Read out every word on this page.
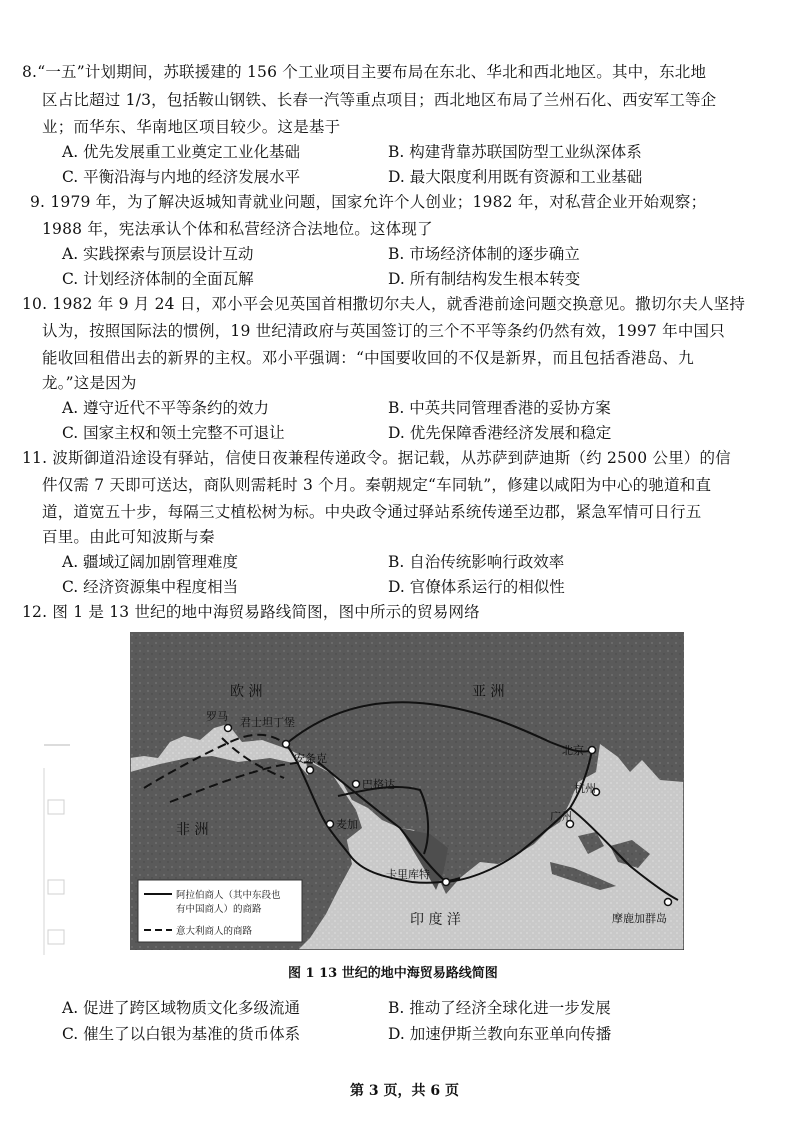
8.“一五”计划期间，苏联援建的 156 个工业项目主要布局在东北、华北和西北地区。其中，东北地
区占比超过 1/3，包括鞍山钢铁、长春一汽等重点项目；西北地区布局了兰州石化、西安军工等企
业；而华东、华南地区项目较少。这是基于
A. 优先发展重工业奠定工业化基础	B. 构建背靠苏联国防型工业纵深体系
C. 平衡沿海与内地的经济发展水平	D. 最大限度利用既有资源和工业基础
9. 1979 年，为了解决返城知青就业问题，国家允许个人创业；1982 年，对私营企业开始观察；
1988 年，宪法承认个体和私营经济合法地位。这体现了
A. 实践探索与顶层设计互动	B. 市场经济体制的逐步确立
C. 计划经济体制的全面瓦解	D. 所有制结构发生根本转变
10. 1982 年 9 月 24 日，邓小平会见英国首相撒切尔夫人，就香港前途问题交换意见。撒切尔夫人坚持
认为，按照国际法的惯例，19 世纪清政府与英国签订的三个不平等条约仍然有效，1997 年中国只
能收回租借出去的新界的主权。邓小平强调：“中国要收回的不仅是新界，而且包括香港岛、九
龙。”这是因为
A. 遵守近代不平等条约的效力	B. 中英共同管理香港的妥协方案
C. 国家主权和领土完整不可退让	D. 优先保障香港经济发展和稳定
11. 波斯御道沿途设有驿站，信使日夜兼程传递政令。据记载，从苏萨到萨迪斯（约 2500 公里）的信
件仅需 7 天即可送达，商队则需耗时 3 个月。秦朝规定“车同轨”，修建以咸阳为中心的驰道和直
道，道宽五十步，每隔三丈植松树为标。中央政令通过驿站系统传递至边郡，紧急军情可日行五
百里。由此可知波斯与秦
A. 疆域辽阔加剧管理难度	B. 自治传统影响行政效率
C. 经济资源集中程度相当	D. 官僚体系运行的相似性
12. 图 1 是 13 世纪的地中海贸易路线简图，图中所示的贸易网络
欧 洲	亚 洲
非 洲
印 度 洋
罗马 君士坦丁堡
安条克
巴格达
麦加
卡里库特
北京
杭州
广州
摩鹿加群岛
阿拉伯商人（其中东段也
有中国商人）的商路
意大利商人的商路
图 1 13 世纪的地中海贸易路线简图
A. 促进了跨区域物质文化多级流通	B. 推动了经济全球化进一步发展
C. 催生了以白银为基准的货币体系	D. 加速伊斯兰教向东亚单向传播
第 3 页，共 6 页
